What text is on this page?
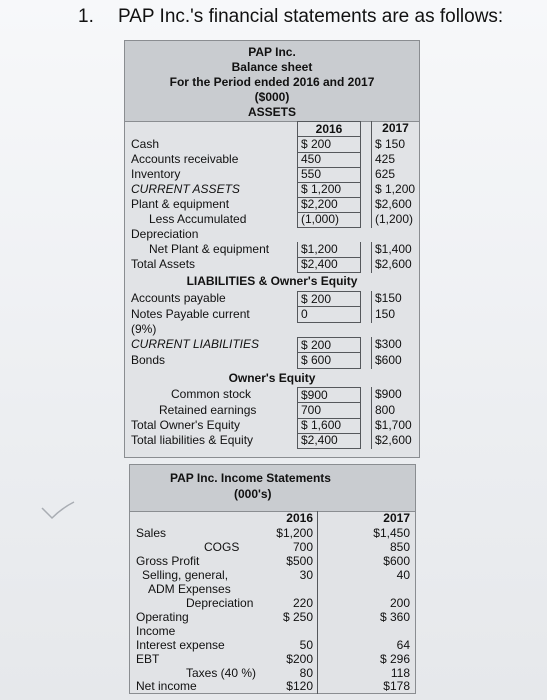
1. PAP Inc.'s financial statements are as follows:
PAP Inc.
Balance sheet
For the Period ended 2016 and 2017
($000)
ASSETS
2016	2017
Cash	$ 200	$ 150
Accounts receivable	450	425
Inventory	550	625
CURRENT ASSETS	$ 1,200	$ 1,200
Plant & equipment	$2,200	$2,600
Less Accumulated	(1,000)	(1,200)
Depreciation
Net Plant & equipment	$1,200	$1,400
Total Assets	$2,400	$2,600
LIABILITIES & Owner's Equity
Accounts payable	$ 200	$150
Notes Payable current	0	150
(9%)
CURRENT LIABILITIES	$ 200	$300
Bonds	$ 600	$600
Owner's Equity
Common stock	$900	$900
Retained earnings	700	800
Total Owner's Equity	$ 1,600	$1,700
Total liabilities & Equity	$2,400	$2,600
PAP Inc. Income Statements
(000's)
2016	2017
Sales	$1,200	$1,450
COGS	700	850
Gross Profit	$500	$600
Selling, general,	30	40
ADM Expenses
Depreciation	220	200
Operating	$ 250	$ 360
Income
Interest expense	50	64
EBT	$200	$ 296
Taxes (40 %)	80	118
Net income	$120	$178
